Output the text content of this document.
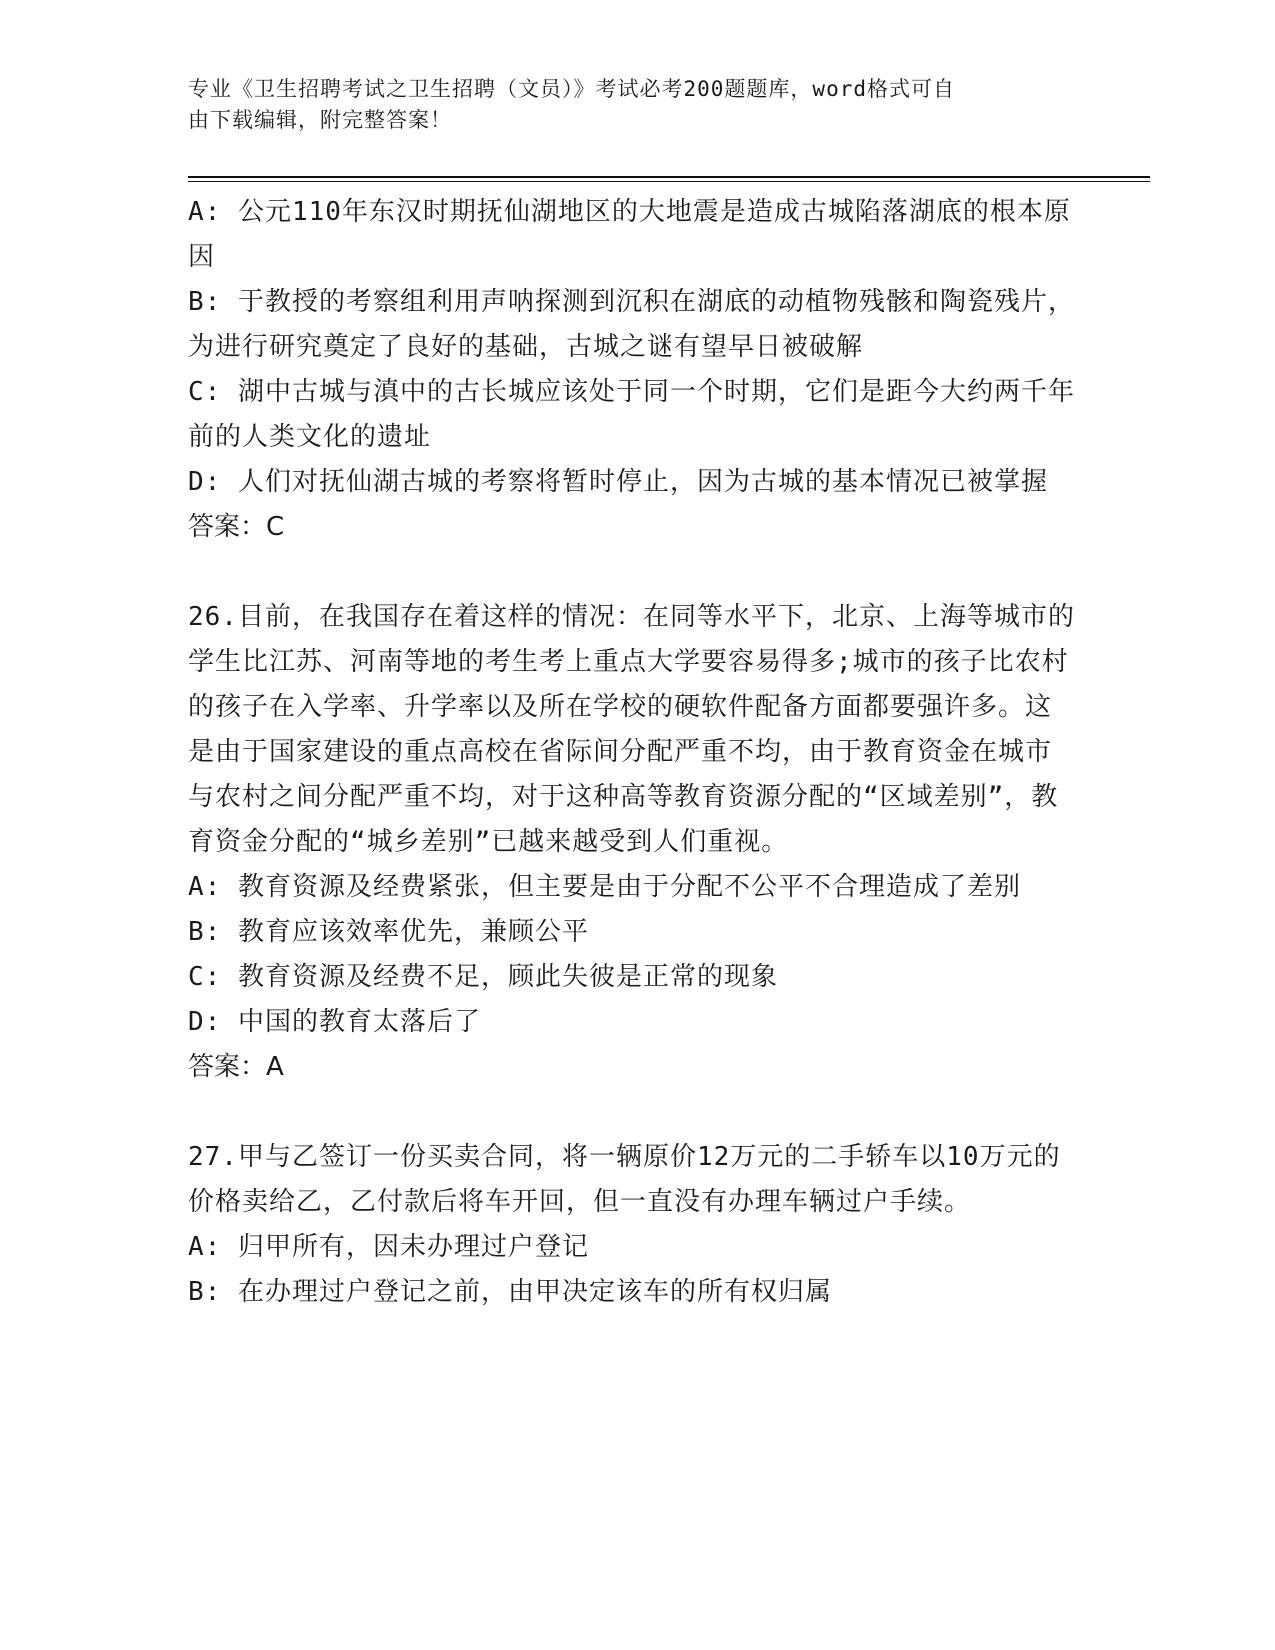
专业《卫生招聘考试之卫生招聘（文员）》考试必考200题题库，word格式可自
由下载编辑，附完整答案！
A: 公元110年东汉时期抚仙湖地区的大地震是造成古城陷落湖底的根本原因
B: 于教授的考察组利用声呐探测到沉积在湖底的动植物残骸和陶瓷残片，为进行研究奠定了良好的基础，古城之谜有望早日被破解
C: 湖中古城与滇中的古长城应该处于同一个时期，它们是距今大约两千年前的人类文化的遗址
D: 人们对抚仙湖古城的考察将暂时停止，因为古城的基本情况已被掌握
答案：C
26.目前，在我国存在着这样的情况：在同等水平下，北京、上海等城市的学生比江苏、河南等地的考生考上重点大学要容易得多;城市的孩子比农村的孩子在入学率、升学率以及所在学校的硬软件配备方面都要强许多。这是由于国家建设的重点高校在省际间分配严重不均，由于教育资金在城市与农村之间分配严重不均，对于这种高等教育资源分配的“区域差别”，教育资金分配的“城乡差别”已越来越受到人们重视。
A: 教育资源及经费紧张，但主要是由于分配不公平不合理造成了差别
B: 教育应该效率优先，兼顾公平
C: 教育资源及经费不足，顾此失彼是正常的现象
D: 中国的教育太落后了
答案：A
27.甲与乙签订一份买卖合同，将一辆原价12万元的二手轿车以10万元的价格卖给乙，乙付款后将车开回，但一直没有办理车辆过户手续。
A: 归甲所有，因未办理过户登记
B: 在办理过户登记之前，由甲决定该车的所有权归属
